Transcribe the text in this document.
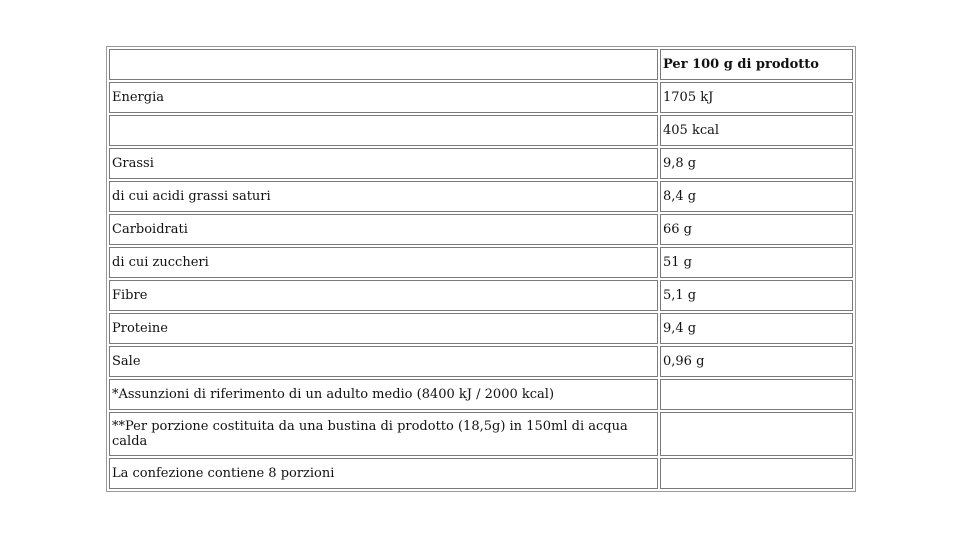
	Per 100 g di prodotto
Energia	1705 kJ
	405 kcal
Grassi	9,8 g
di cui acidi grassi saturi	8,4 g
Carboidrati	66 g
di cui zuccheri	51 g
Fibre	5,1 g
Proteine	9,4 g
Sale	0,96 g
*Assunzioni di riferimento di un adulto medio (8400 kJ / 2000 kcal)	
**Per porzione costituita da una bustina di prodotto (18,5g) in 150ml di acqua calda	
La confezione contiene 8 porzioni	
